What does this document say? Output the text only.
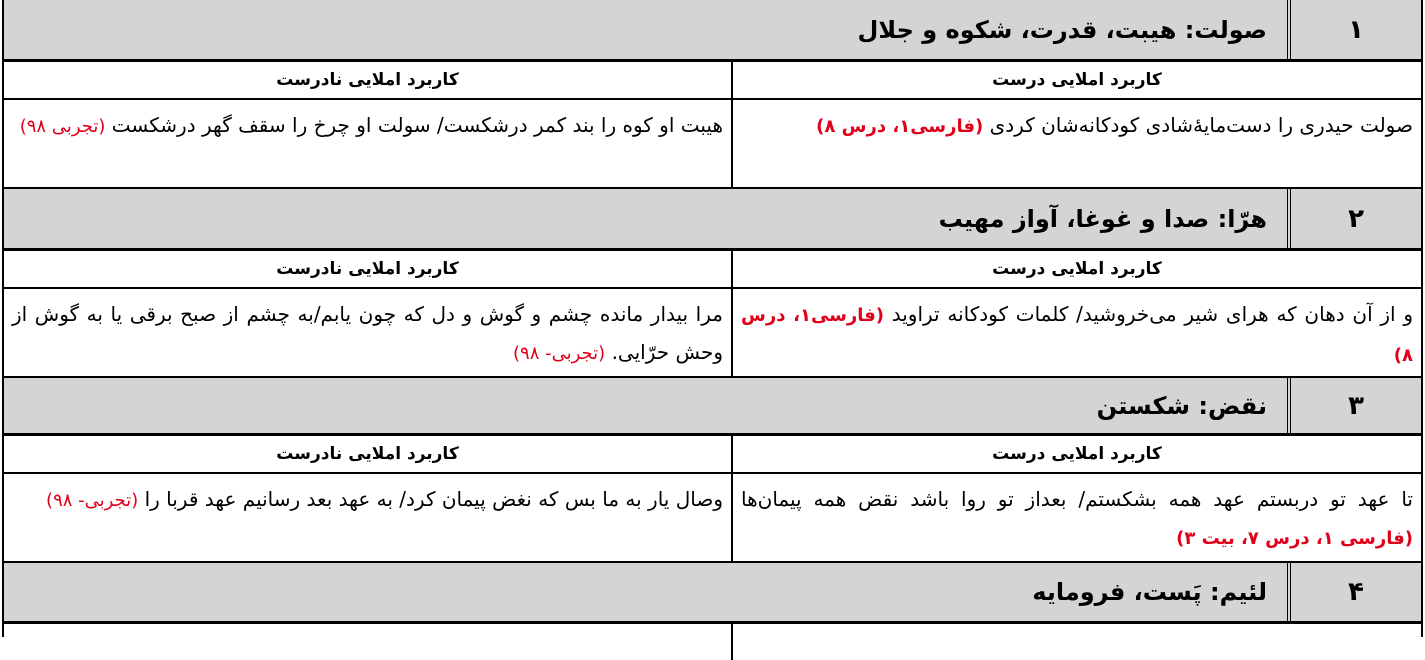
۱
صولت: هیبت، قدرت، شکوه و جلال
کاربرد املایی درست
کاربرد املایی نادرست
صولت حیدری را دست‌مایۀشادی کودکانه‌شان کردی (فارسی۱، درس ۸)
هیبت او کوه را بند کمر درشکست/ سولت او چرخ را سقف گهر درشکست (تجربی ۹۸)
۲
هرّا: صدا و غوغا، آواز مهیب
کاربرد املایی درست
کاربرد املایی نادرست
و از آن دهان که هرای شیر می‌خروشید/ کلمات کودکانه تراوید (فارسی۱، درس ۸)
مرا بیدار مانده چشم و گوش و دل که چون یابم/به چشم از صبح برقی یا به گوش از وحش حرّایی. (تجربی- ۹۸)
۳
نقض: شکستن
کاربرد املایی درست
کاربرد املایی نادرست
تا عهد تو دربستم عهد همه بشکستم/ بعداز تو روا باشد نقض همه پیمان‌ها (فارسی ۱، درس ۷، بیت ۳)
وصال یار به ما بس که نغض پیمان کرد/ به عهد بعد رسانیم عهد قربا را (تجربی- ۹۸)
۴
لئیم: پَست، فرومایه
